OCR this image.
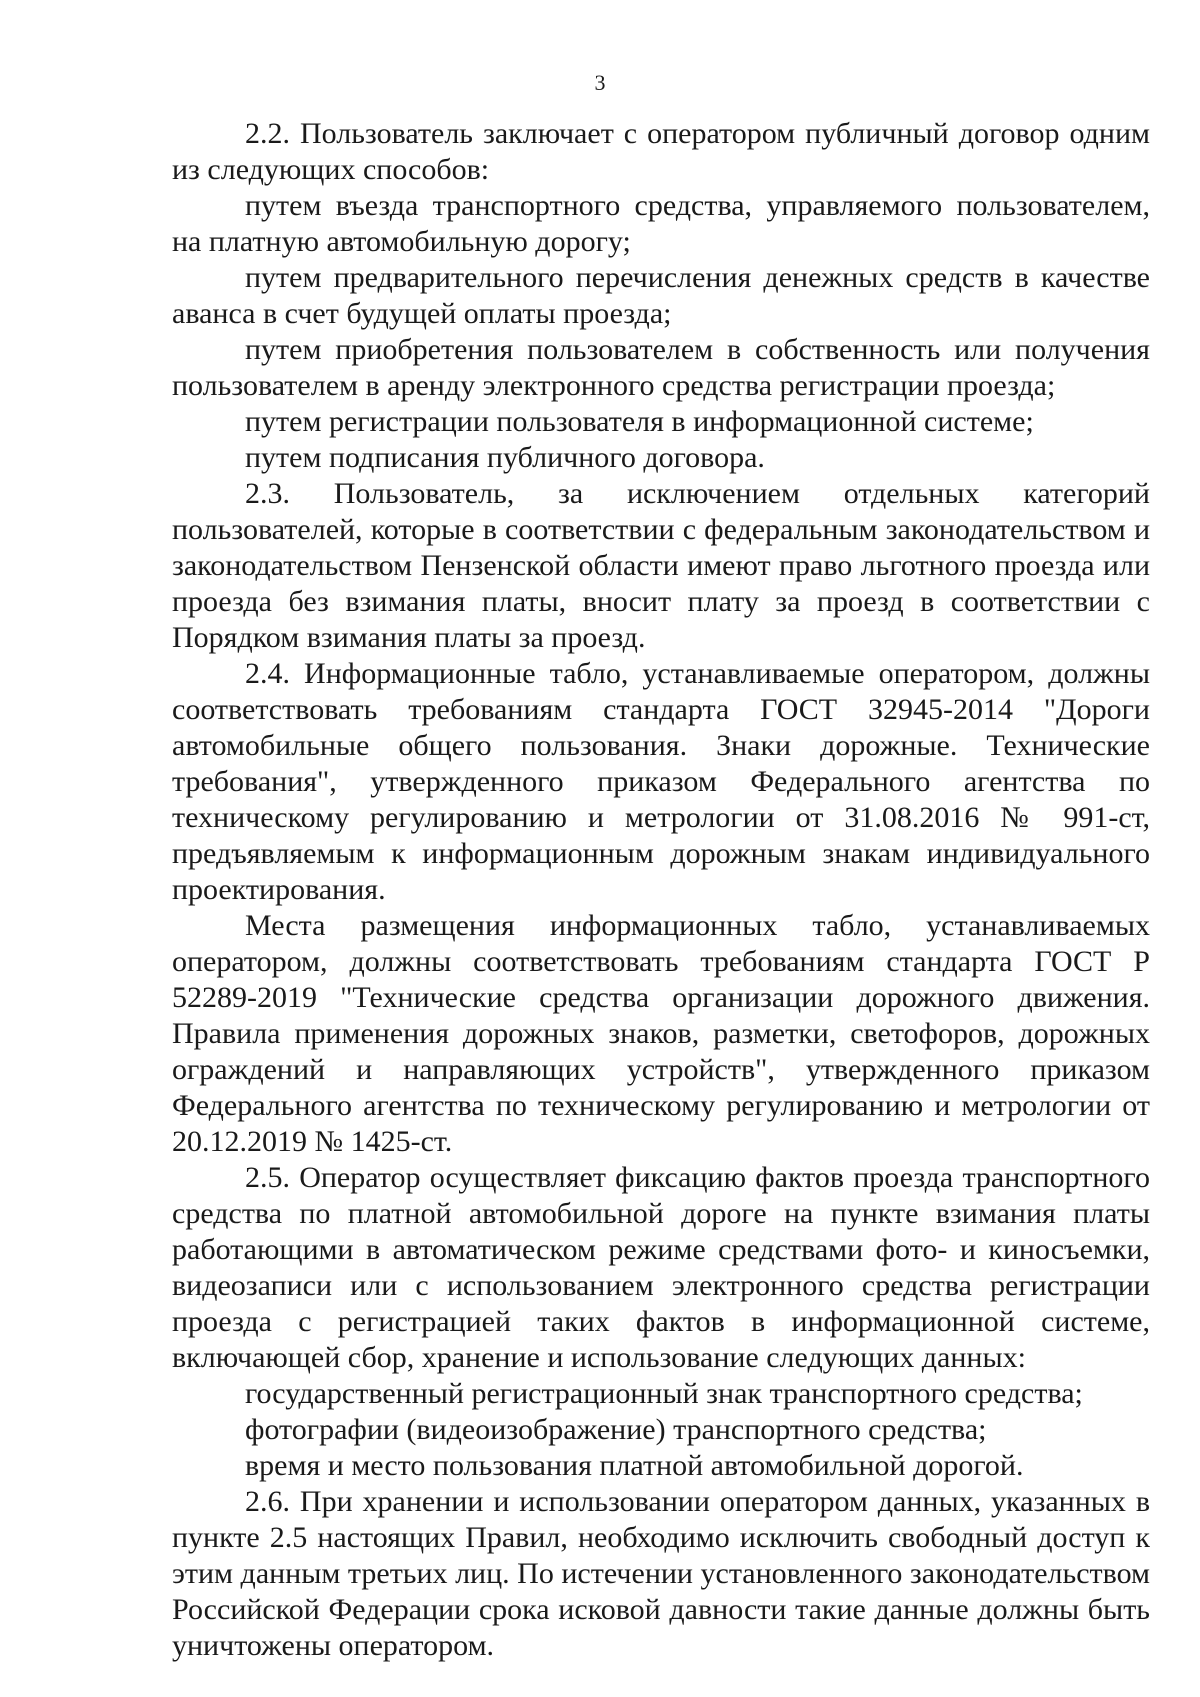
3

2.2. Пользователь заключает с оператором публичный договор одним из следующих способов:

путем въезда транспортного средства, управляемого пользователем, на платную автомобильную дорогу;

путем предварительного перечисления денежных средств в качестве аванса в счет будущей оплаты проезда;

путем приобретения пользователем в собственность или получения пользователем в аренду электронного средства регистрации проезда;

путем регистрации пользователя в информационной системе;

путем подписания публичного договора.

2.3. Пользователь, за исключением отдельных категорий пользователей, которые в соответствии с федеральным законодательством и законодательством Пензенской области имеют право льготного проезда или проезда без взимания платы, вносит плату за проезд в соответствии с Порядком взимания платы за проезд.

2.4. Информационные табло, устанавливаемые оператором, должны соответствовать требованиям стандарта ГОСТ 32945-2014 "Дороги автомобильные общего пользования. Знаки дорожные. Технические требования", утвержденного приказом Федерального агентства по техническому регулированию и метрологии от 31.08.2016 № 991-ст, предъявляемым к информационным дорожным знакам индивидуального проектирования.

Места размещения информационных табло, устанавливаемых оператором, должны соответствовать требованиям стандарта ГОСТ Р 52289-2019 "Технические средства организации дорожного движения. Правила применения дорожных знаков, разметки, светофоров, дорожных ограждений и направляющих устройств", утвержденного приказом Федерального агентства по техническому регулированию и метрологии от 20.12.2019 № 1425-ст.

2.5. Оператор осуществляет фиксацию фактов проезда транспортного средства по платной автомобильной дороге на пункте взимания платы работающими в автоматическом режиме средствами фото- и киносъемки, видеозаписи или с использованием электронного средства регистрации проезда с регистрацией таких фактов в информационной системе, включающей сбор, хранение и использование следующих данных:

государственный регистрационный знак транспортного средства;

фотографии (видеоизображение) транспортного средства;

время и место пользования платной автомобильной дорогой.

2.6. При хранении и использовании оператором данных, указанных в пункте 2.5 настоящих Правил, необходимо исключить свободный доступ к этим данным третьих лиц. По истечении установленного законодательством Российской Федерации срока исковой давности такие данные должны быть уничтожены оператором.
